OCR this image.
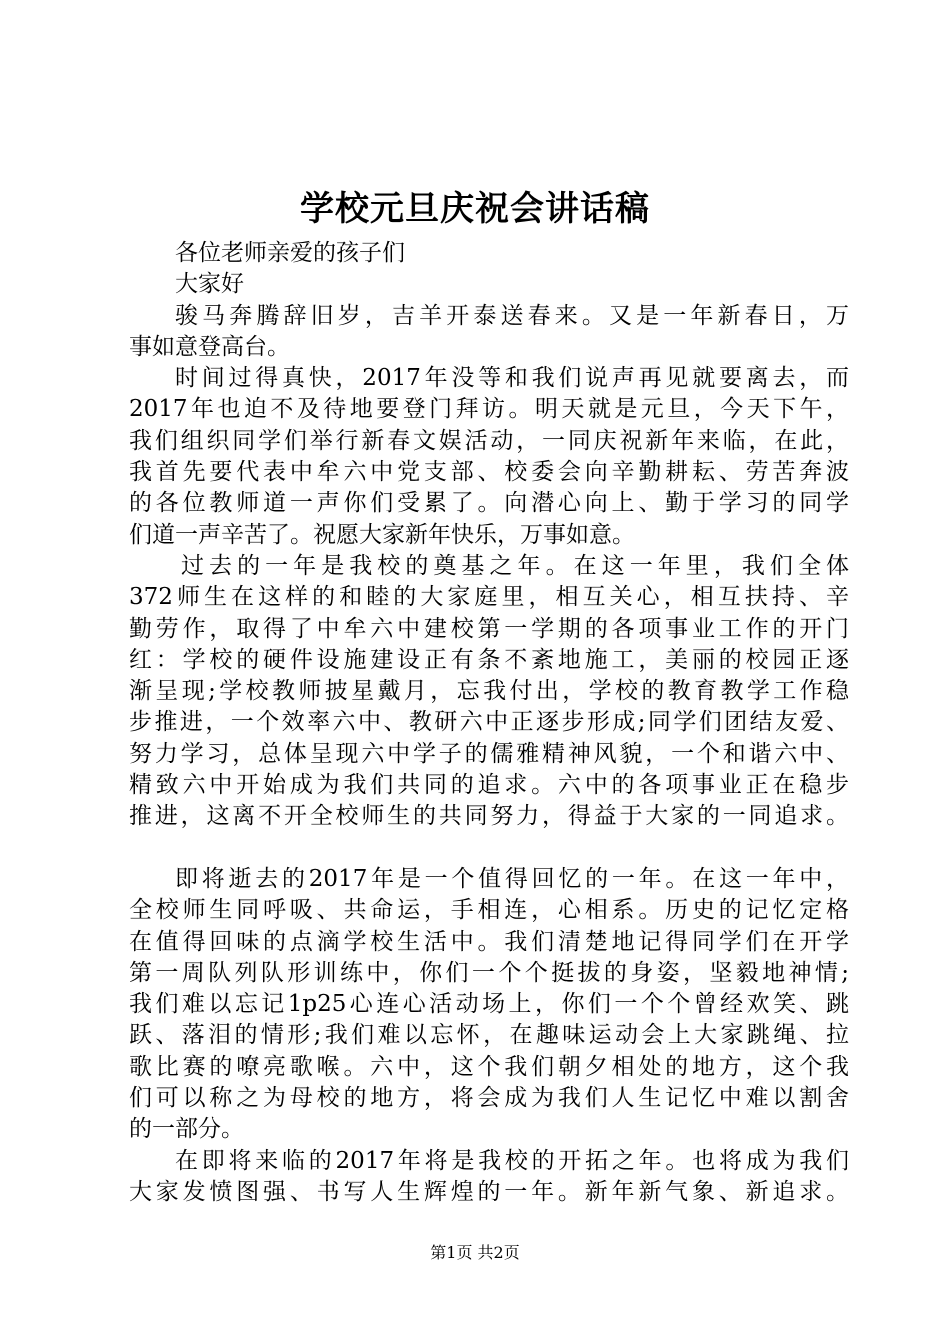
学校元旦庆祝会讲话稿
各位老师亲爱的孩子们
大家好
骏马奔腾辞旧岁，吉羊开泰送春来。又是一年新春日，万
事如意登高台。
时间过得真快，2017年没等和我们说声再见就要离去，而
2017年也迫不及待地要登门拜访。明天就是元旦，今天下午，
我们组织同学们举行新春文娱活动，一同庆祝新年来临，在此，
我首先要代表中牟六中党支部、校委会向辛勤耕耘、劳苦奔波
的各位教师道一声你们受累了。向潜心向上、勤于学习的同学
们道一声辛苦了。祝愿大家新年快乐，万事如意。
过去的一年是我校的奠基之年。在这一年里，我们全体
372师生在这样的和睦的大家庭里，相互关心，相互扶持、辛
勤劳作，取得了中牟六中建校第一学期的各项事业工作的开门
红：学校的硬件设施建设正有条不紊地施工，美丽的校园正逐
渐呈现;学校教师披星戴月，忘我付出，学校的教育教学工作稳
步推进，一个效率六中、教研六中正逐步形成;同学们团结友爱、
努力学习，总体呈现六中学子的儒雅精神风貌，一个和谐六中、
精致六中开始成为我们共同的追求。六中的各项事业正在稳步
推进，这离不开全校师生的共同努力，得益于大家的一同追求。
即将逝去的2017年是一个值得回忆的一年。在这一年中，
全校师生同呼吸、共命运，手相连，心相系。历史的记忆定格
在值得回味的点滴学校生活中。我们清楚地记得同学们在开学
第一周队列队形训练中，你们一个个挺拔的身姿，坚毅地神情;
我们难以忘记1p25心连心活动场上，你们一个个曾经欢笑、跳
跃、落泪的情形;我们难以忘怀，在趣味运动会上大家跳绳、拉
歌比赛的嘹亮歌喉。六中，这个我们朝夕相处的地方，这个我
们可以称之为母校的地方，将会成为我们人生记忆中难以割舍
的一部分。
在即将来临的2017年将是我校的开拓之年。也将成为我们
大家发愤图强、书写人生辉煌的一年。新年新气象、新追求。
第1页 共2页
